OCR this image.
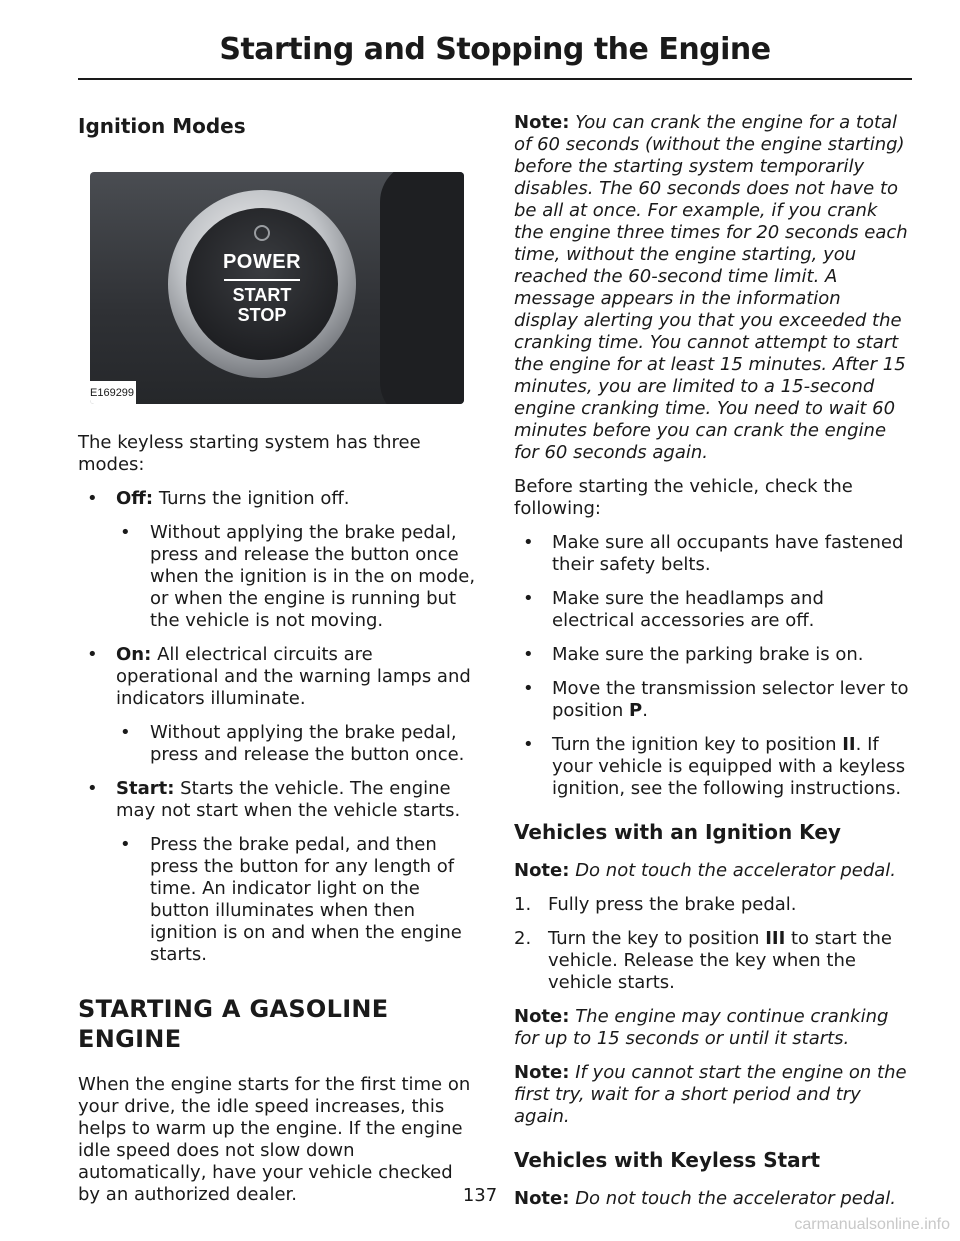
Starting and Stopping the Engine
Ignition Modes
POWER
START
STOP
E169299

The keyless starting system has three modes:

• Off: Turns the ignition off.
• Without applying the brake pedal, press and release the button once when the ignition is in the on mode, or when the engine is running but the vehicle is not moving.
• On: All electrical circuits are operational and the warning lamps and indicators illuminate.
• Without applying the brake pedal, press and release the button once.
• Start: Starts the vehicle. The engine may not start when the vehicle starts.
• Press the brake pedal, and then press the button for any length of time. An indicator light on the button illuminates when then ignition is on and when the engine starts.
STARTING A GASOLINE
ENGINE

When the engine starts for the first time on your drive, the idle speed increases, this helps to warm up the engine. If the engine idle speed does not slow down automatically, have your vehicle checked by an authorized dealer.

Note: You can crank the engine for a total of 60 seconds (without the engine starting) before the starting system temporarily disables. The 60 seconds does not have to be all at once. For example, if you crank the engine three times for 20 seconds each time, without the engine starting, you reached the 60-second time limit. A message appears in the information display alerting you that you exceeded the cranking time. You cannot attempt to start the engine for at least 15 minutes. After 15 minutes, you are limited to a 15-second engine cranking time. You need to wait 60 minutes before you can crank the engine for 60 seconds again.

Before starting the vehicle, check the following:

• Make sure all occupants have fastened their safety belts.
• Make sure the headlamps and electrical accessories are off.
• Make sure the parking brake is on.
• Move the transmission selector lever to position P.
• Turn the ignition key to position II. If your vehicle is equipped with a keyless ignition, see the following instructions.
Vehicles with an Ignition Key

Note: Do not touch the accelerator pedal.

1. Fully press the brake pedal.
2. Turn the key to position III to start the vehicle. Release the key when the vehicle starts.

Note: The engine may continue cranking for up to 15 seconds or until it starts.

Note: If you cannot start the engine on the first try, wait for a short period and try again.

Vehicles with Keyless Start

Note: Do not touch the accelerator pedal.

137
carmanualsonline.info
